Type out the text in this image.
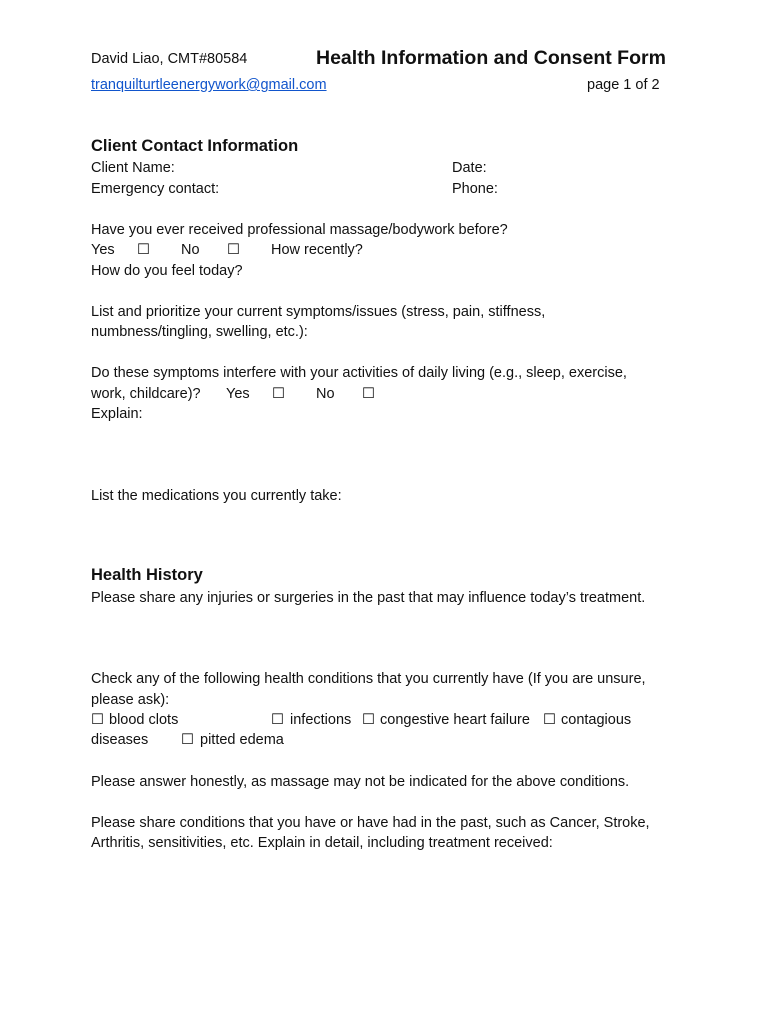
David Liao, CMT#80584	Health Information and Consent Form
tranquilturtleenergywork@gmail.com	page 1 of 2
Client Contact Information
Client Name:	Date:
Emergency contact:	Phone:
Have you ever received professional massage/bodywork before?
Yes ☐ No ☐ How recently?
How do you feel today?
List and prioritize your current symptoms/issues (stress, pain, stiffness,
numbness/tingling, swelling, etc.):
Do these symptoms interfere with your activities of daily living (e.g., sleep, exercise,
work, childcare)? Yes ☐ No ☐
Explain:
List the medications you currently take:
Health History
Please share any injuries or surgeries in the past that may influence today’s treatment.
Check any of the following health conditions that you currently have (If you are unsure,
please ask):
☐ blood clots	☐ infections ☐ congestive heart failure ☐ contagious
diseases ☐ pitted edema
Please answer honestly, as massage may not be indicated for the above conditions.
Please share conditions that you have or have had in the past, such as Cancer, Stroke,
Arthritis, sensitivities, etc. Explain in detail, including treatment received:
